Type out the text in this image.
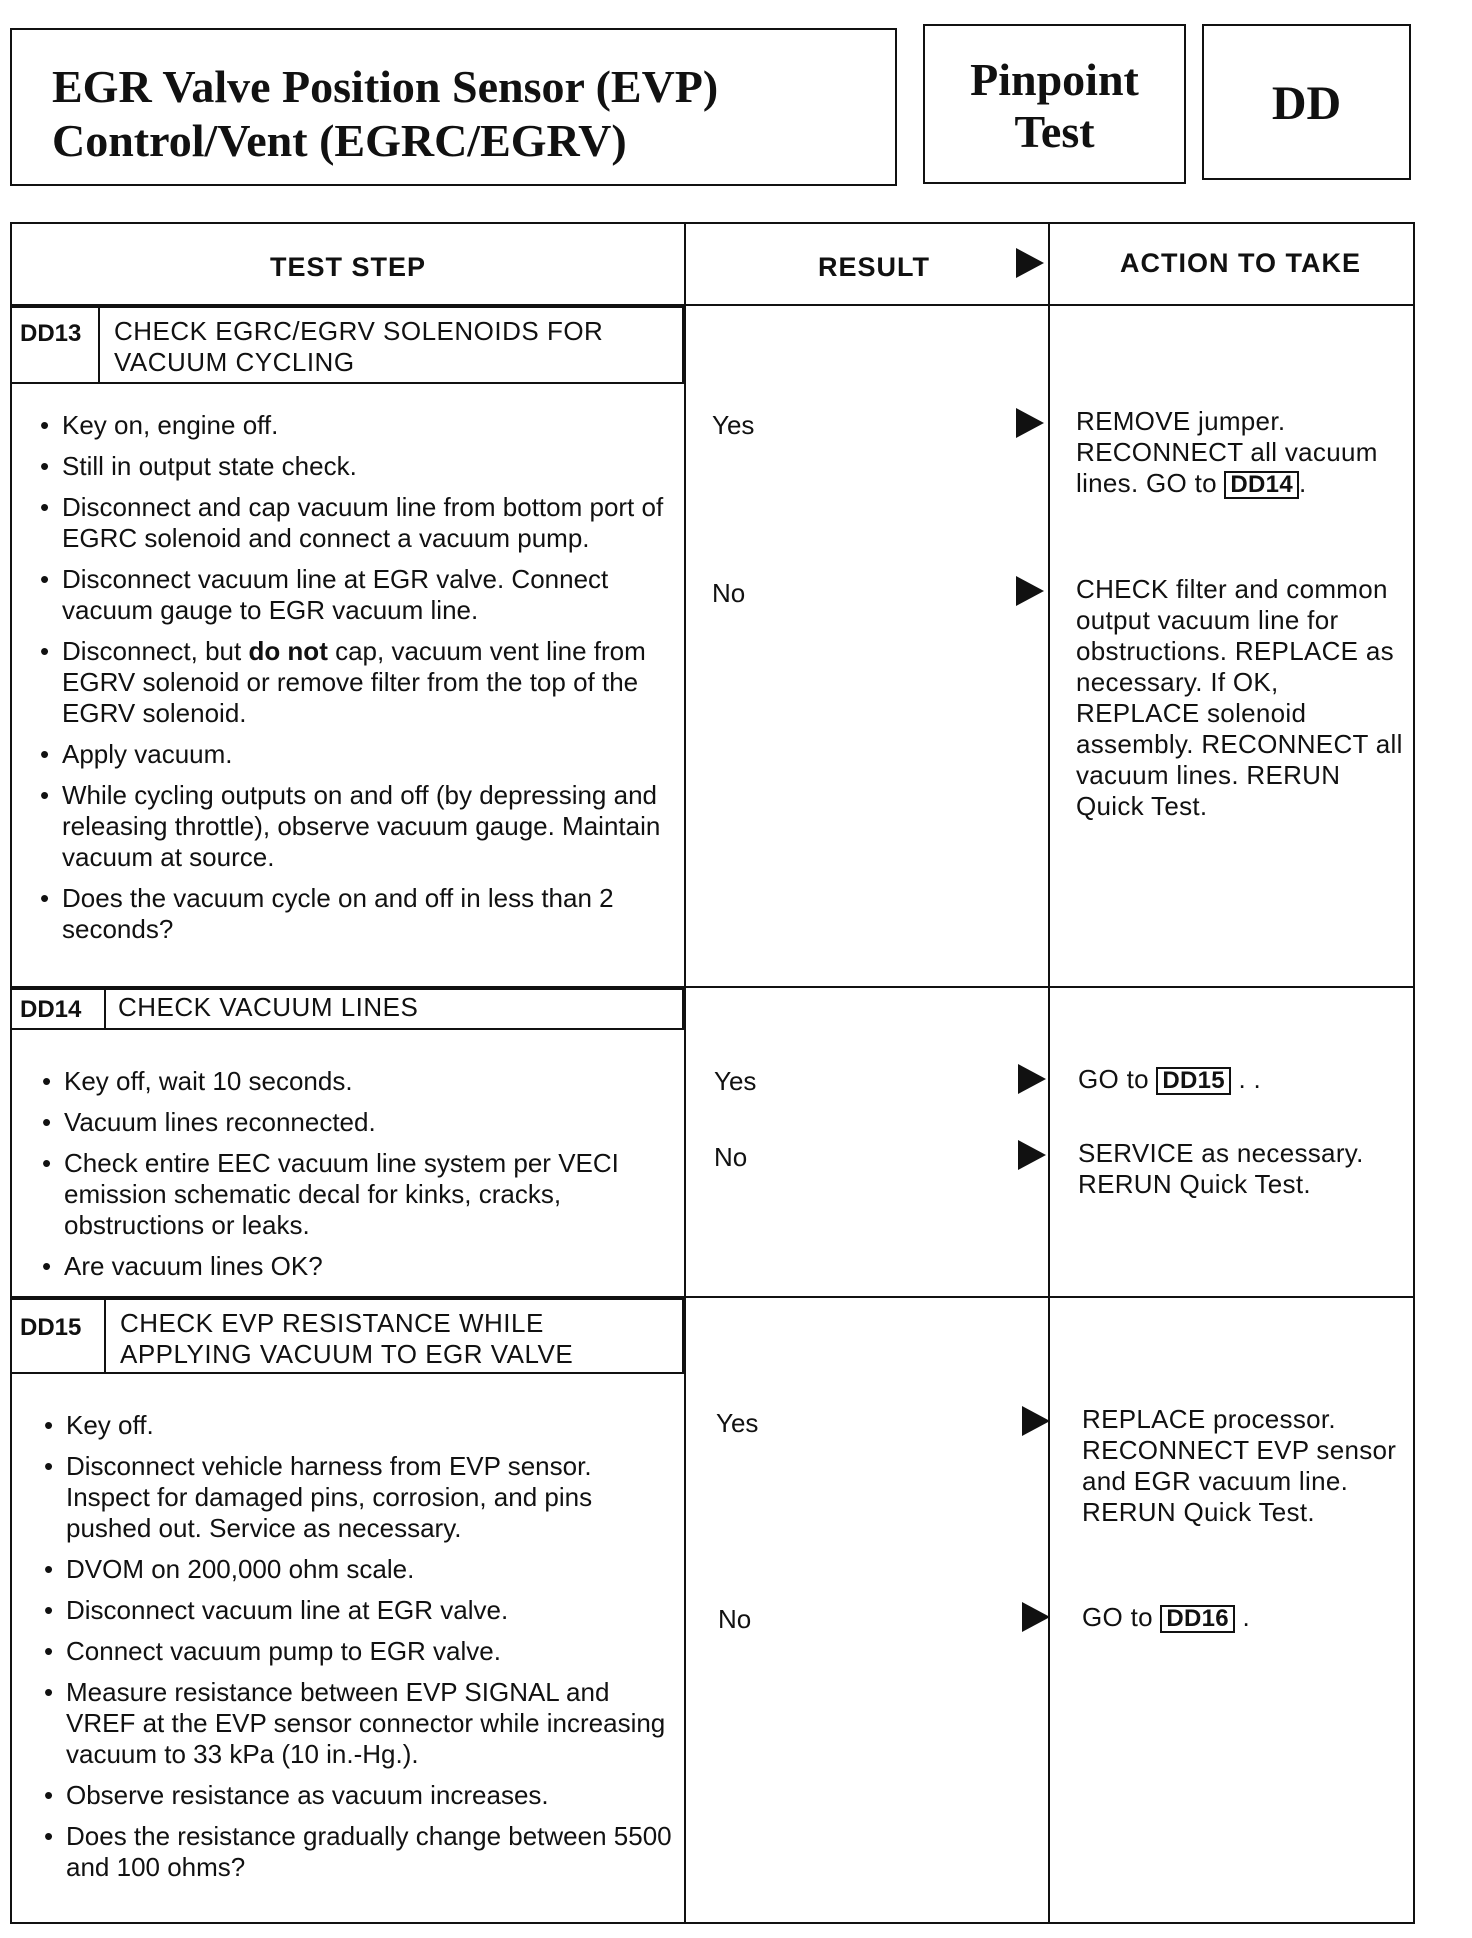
EGR Valve Position Sensor (EVP)
Control/Vent (EGRC/EGRV)
Pinpoint
Test
DD
TEST STEP	RESULT	ACTION TO TAKE
DD13 CHECK EGRC/EGRV SOLENOIDS FOR
VACUUM CYCLING
• Key on, engine off.
• Still in output state check.
• Disconnect and cap vacuum line from bottom port of EGRC solenoid and connect a vacuum pump.
• Disconnect vacuum line at EGR valve. Connect vacuum gauge to EGR vacuum line.
• Disconnect, but do not cap, vacuum vent line from EGRV solenoid or remove filter from the top of the EGRV solenoid.
• Apply vacuum.
• While cycling outputs on and off (by depressing and releasing throttle), observe vacuum gauge. Maintain vacuum at source.
• Does the vacuum cycle on and off in less than 2 seconds?
Yes	REMOVE jumper. RECONNECT all vacuum lines. GO to DD14 .
No	CHECK filter and common output vacuum line for obstructions. REPLACE as necessary. If OK, REPLACE solenoid assembly. RECONNECT all vacuum lines. RERUN Quick Test.
DD14 CHECK VACUUM LINES
• Key off, wait 10 seconds.
• Vacuum lines reconnected.
• Check entire EEC vacuum line system per VECI emission schematic decal for kinks, cracks, obstructions or leaks.
• Are vacuum lines OK?
Yes	GO to DD15 . .
No	SERVICE as necessary. RERUN Quick Test.
DD15 CHECK EVP RESISTANCE WHILE
APPLYING VACUUM TO EGR VALVE
• Key off.
• Disconnect vehicle harness from EVP sensor. Inspect for damaged pins, corrosion, and pins pushed out. Service as necessary.
• DVOM on 200,000 ohm scale.
• Disconnect vacuum line at EGR valve.
• Connect vacuum pump to EGR valve.
• Measure resistance between EVP SIGNAL and VREF at the EVP sensor connector while increasing vacuum to 33 kPa (10 in.-Hg.).
• Observe resistance as vacuum increases.
• Does the resistance gradually change between 5500 and 100 ohms?
Yes	REPLACE processor. RECONNECT EVP sensor and EGR vacuum line. RERUN Quick Test.
No	GO to DD16 .
